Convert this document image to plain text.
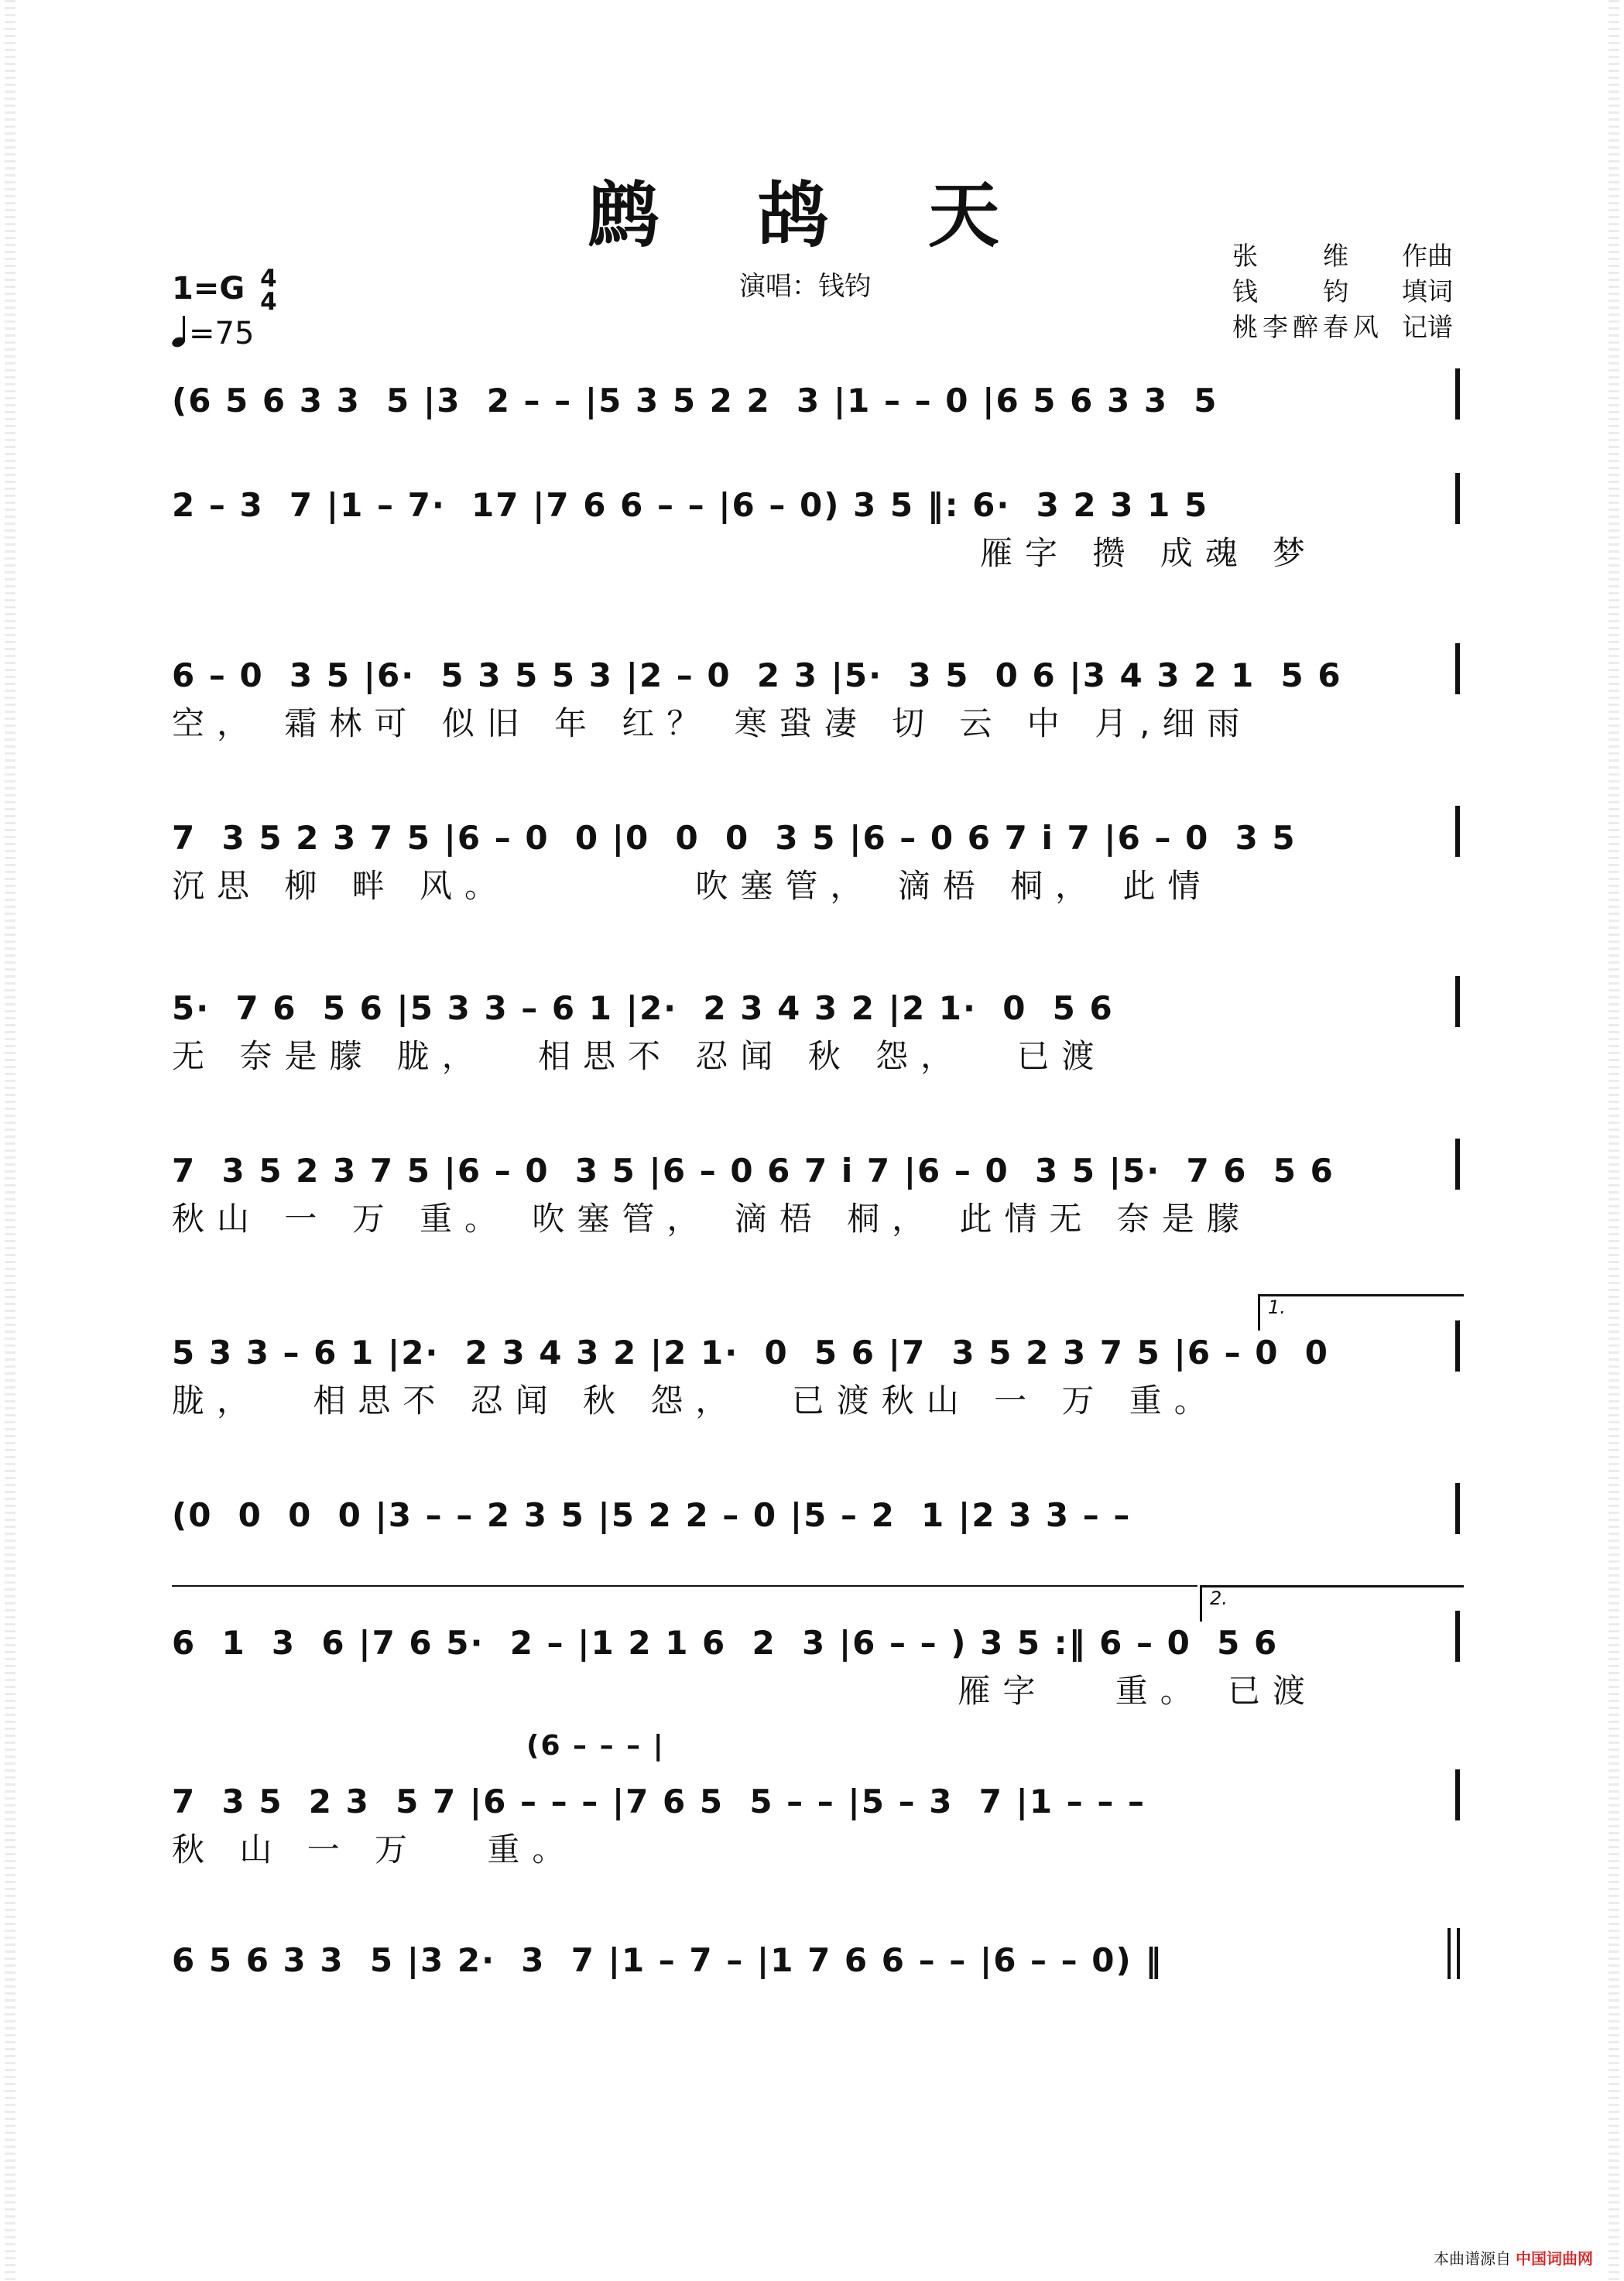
鹧 鸪 天
演唱：钱钧
张　　维 作曲
钱　　钧 填词
桃李醉春风 记谱
1=G 4
4
=75
(6 5 6 3 3  5 |3  2 – – |5 3 5 2 2  3 |1 – – 0 |6 5 6 3 3  5
2 – 3  7 |1 – 7·  17 |7 6 6 – – |6 – 0) 3 5 ‖: 6·  3 2 3 1 5
　　　　　　　　　　　　　　　　　　雁字 攒 成魂 梦
6 – 0  3 5 |6·  5 3 5 5 3 |2 – 0  2 3 |5·  3 5  0 6 |3 4 3 2 1  5 6
空， 霜林可 似旧 年 红？ 寒蛩凄 切 云 中 月,细雨
7  3 5 2 3 7 5 |6 – 0  0 |0  0  0  3 5 |6 – 0 6 7 i 7 |6 – 0  3 5
沉思 柳 畔 风。　　　　 吹塞管， 滴梧 桐， 此情
5·  7 6  5 6 |5 3 3 – 6 1 |2·  2 3 4 3 2 |2 1·  0  5 6
无 奈是朦 胧，　 相思不 忍闻 秋 怨，　 已渡
7  3 5 2 3 7 5 |6 – 0  3 5 |6 – 0 6 7 i 7 |6 – 0  3 5 |5·  7 6  5 6
秋山 一 万 重。 吹塞管， 滴梧 桐， 此情无 奈是朦
1.
5 3 3 – 6 1 |2·  2 3 4 3 2 |2 1·  0  5 6 |7  3 5 2 3 7 5 |6 – 0  0
胧，　 相思不 忍闻 秋 怨，　 已渡秋山 一 万 重。
(0  0  0  0 |3 – – 2 3 5 |5 2 2 – 0 |5 – 2  1 |2 3 3 – –
2.
6  1  3  6 |7 6 5·  2 – |1 2 1 6  2  3 |6 – – ) 3 5 :‖ 6 – 0  5 6
　　　　　　　　　　　　　　　　　 雁字　 重。 已渡
(6 – – – |
7  3 5  2 3  5 7 |6 – – – |7 6 5  5 – – |5 – 3  7 |1 – – –
秋 山 一 万 　重。
6 5 6 3 3  5 |3 2·  3  7 |1 – 7 – |1 7 6 6 – – |6 – – 0) ‖
本曲谱源自 中国词曲网
